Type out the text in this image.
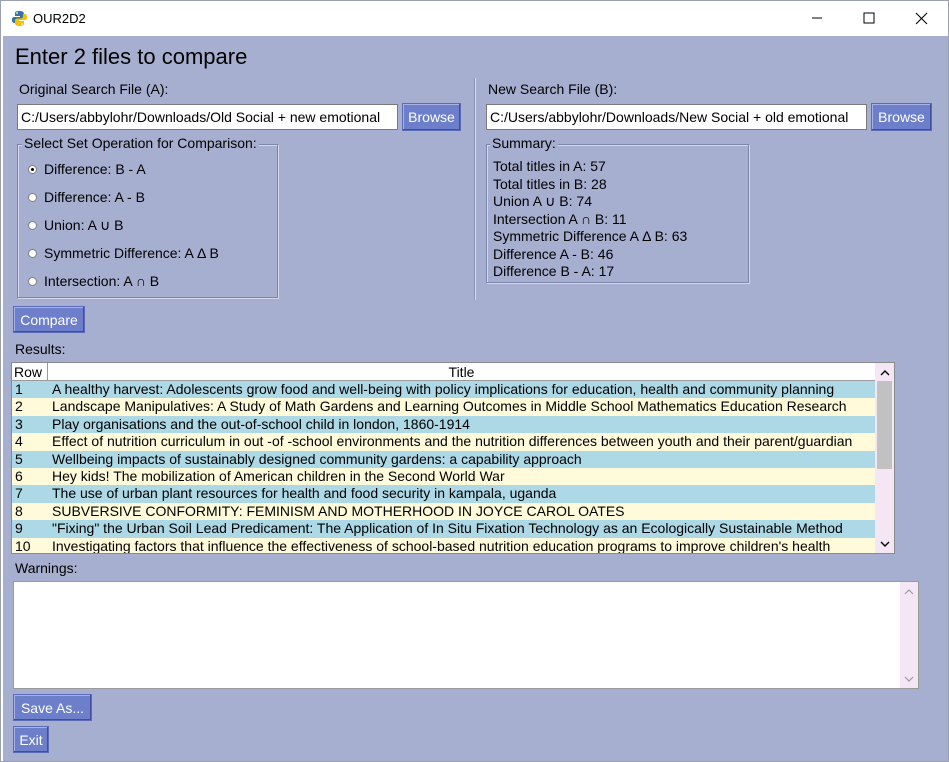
OUR2D2
Enter 2 files to compare
Original Search File (A):
C:/Users/abbylohr/Downloads/Old Social + new emotional	Browse
New Search File (B):
C:/Users/abbylohr/Downloads/New Social + old emotional	Browse
Select Set Operation for Comparison:
Difference: B - A
Difference: A - B
Union: A ∪ B
Symmetric Difference: A Δ B
Intersection: A ∩ B
Summary:
Total titles in A: 57
Total titles in B: 28
Union A ∪ B: 74
Intersection A ∩ B: 11
Symmetric Difference A Δ B: 63
Difference A - B: 46
Difference B - A: 17
Compare
Results:
Row	Title
1 A healthy harvest: Adolescents grow food and well-being with policy implications for education, health and community planning
2 Landscape Manipulatives: A Study of Math Gardens and Learning Outcomes in Middle School Mathematics Education Research
3 Play organisations and the out-of-school child in london, 1860-1914
4 Effect of nutrition curriculum in out -of -school environments and the nutrition differences between youth and their parent/guardian
5 Wellbeing impacts of sustainably designed community gardens: a capability approach
6 Hey kids! The mobilization of American children in the Second World War
7 The use of urban plant resources for health and food security in kampala, uganda
8 SUBVERSIVE CONFORMITY: FEMINISM AND MOTHERHOOD IN JOYCE CAROL OATES
9 "Fixing" the Urban Soil Lead Predicament: The Application of In Situ Fixation Technology as an Ecologically Sustainable Method
10 Investigating factors that influence the effectiveness of school-based nutrition education programs to improve children's health
Warnings:
Save As...
Exit
